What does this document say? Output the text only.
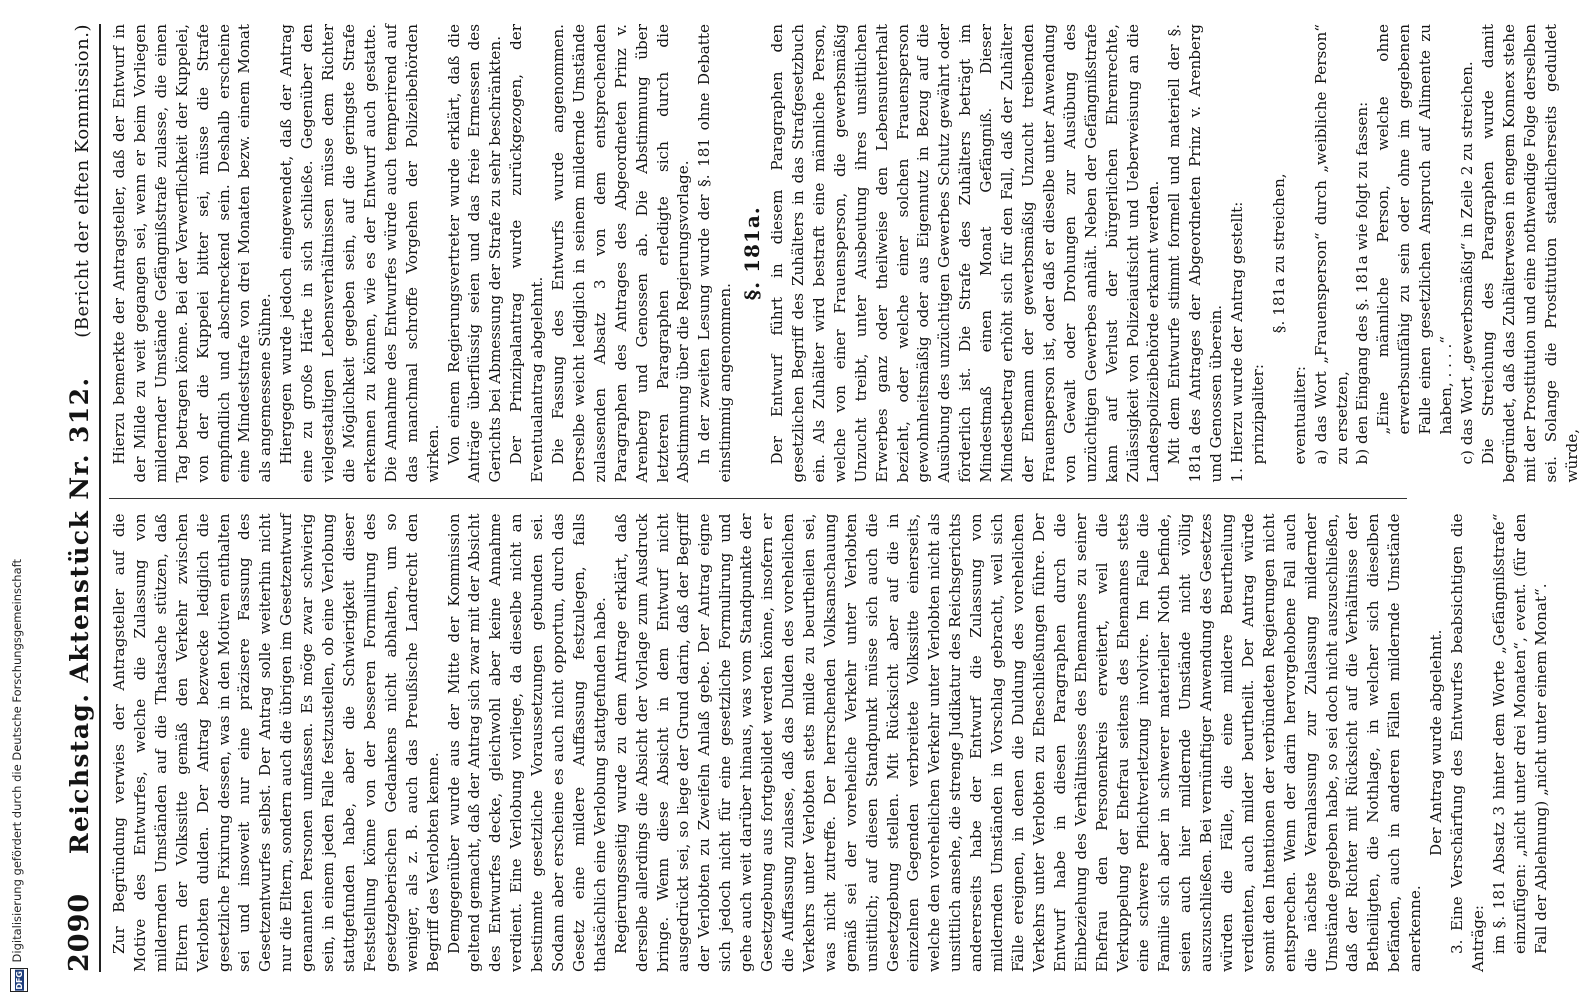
2090
Reichstag. Aktenstück Nr. 312.
(Bericht der elften Kommission.)

Zur Begründung verwies der Antragsteller auf die Motive des Entwurfes, welche die Zulassung von mildernden Umständen auf die Thatsache stützen, daß Eltern der Volkssitte gemäß den Verkehr zwischen Verlobten dulden. Der Antrag bezwecke lediglich die gesetzliche Fixirung dessen, was in den Motiven enthalten sei und insoweit nur eine präzisere Fassung des Gesetzentwurfes selbst. Der Antrag solle weiterhin nicht nur die Eltern, sondern auch die übrigen im Gesetzentwurf genannten Personen umfassen. Es möge zwar schwierig sein, in einem jeden Falle festzustellen, ob eine Verlobung stattgefunden habe, aber die Schwierigkeit dieser Feststellung könne von der besseren Formulirung des gesetzgeberischen Gedankens nicht abhalten, um so weniger, als z. B. auch das Preußische Landrecht den Begriff des Verlobten kenne. Demgegenüber wurde aus der Mitte der Kommission geltend gemacht, daß der Antrag sich zwar mit der Absicht des Entwurfes decke, gleichwohl aber keine Annahme verdient. Eine Verlobung vorliege, da dieselbe nicht an bestimmte gesetzliche Voraussetzungen gebunden sei. Sodann aber erscheine es auch nicht opportun, durch das Gesetz eine mildere Auffassung festzulegen, falls thatsächlich eine Verlobung stattgefunden habe. Regierungsseitig wurde zu dem Antrage erklärt, daß derselbe allerdings die Absicht der Vorlage zum Ausdruck bringe. Wenn diese Absicht in dem Entwurf nicht ausgedrückt sei, so liege der Grund darin, daß der Begriff der Verlobten zu Zweifeln Anlaß gebe. Der Antrag eigne sich jedoch nicht für eine gesetzliche Formulirung und gehe auch weit darüber hinaus, was vom Standpunkte der Gesetzgebung aus fortgebildet werden könne, insofern er die Auffassung zulasse, daß das Dulden des vorehelichen Verkehrs unter Verlobten stets milde zu beurtheilen sei, was nicht zutreffe. Der herrschenden Volksanschauung gemäß sei der voreheliche Verkehr unter Verlobten unsittlich; auf diesen Standpunkt müsse sich auch die Gesetzgebung stellen. Mit Rücksicht aber auf die in einzelnen Gegenden verbreitete Volkssitte einerseits, welche den vorehelichen Verkehr unter Verlobten nicht als unsittlich ansehe, die strenge Judikatur des Reichsgerichts andererseits habe der Entwurf die Zulassung von mildernden Umständen in Vorschlag gebracht, weil sich Fälle ereignen, in denen die Duldung des vorehelichen Verkehrs unter Verlobten zu Eheschließungen führe. Der Entwurf habe in diesen Paragraphen durch die Einbeziehung des Verhältnisses des Ehemannes zu seiner Ehefrau den Personenkreis erweitert, weil die Verkuppelung der Ehefrau seitens des Ehemannes stets eine schwere Pflichtverletzung involvire. Im Falle die Familie sich aber in schwerer materieller Noth befinde, seien auch hier mildernde Umstände nicht völlig auszuschließen. Bei vernünftiger Anwendung des Gesetzes würden die Fälle, die eine mildere Beurtheilung verdienten, auch milder beurtheilt. Der Antrag würde somit den Intentionen der verbündeten Regierungen nicht entsprechen. Wenn der darin hervorgehobene Fall auch die nächste Veranlassung zur Zulassung mildernder Umstände gegeben habe, so sei doch nicht auszuschließen, daß der Richter mit Rücksicht auf die Verhältnisse der Betheiligten, die Nothlage, in welcher sich dieselben befänden, auch in anderen Fällen mildernde Umstände anerkenne.

Der Antrag wurde abgelehnt. 3. Eine Verschärfung des Entwurfes beabsichtigen die Anträge: im §. 181 Absatz 3 hinter dem Worte „Gefängnißstrafe“ einzufügen: „nicht unter drei Monaten“, event. (für den Fall der Ablehnung) „nicht unter einem Monat“.

Hierzu bemerkte der Antragsteller, daß der Entwurf in der Milde zu weit gegangen sei, wenn er beim Vorliegen mildernder Umstände Gefängnißstrafe zulasse, die einen Tag betragen könne. Bei der Verwerflichkeit der Kuppelei, von der die Kuppelei bitter sei, müsse die Strafe empfindlich und abschreckend sein. Deshalb erscheine eine Mindeststrafe von drei Monaten bezw. einem Monat als angemessene Sühne. Hiergegen wurde jedoch eingewendet, daß der Antrag eine zu große Härte in sich schließe. Gegenüber den vielgestaltigen Lebensverhältnissen müsse dem Richter die Möglichkeit gegeben sein, auf die geringste Strafe erkennen zu können, wie es der Entwurf auch gestatte. Die Annahme des Entwurfes würde auch temperirend auf das manchmal schroffe Vorgehen der Polizeibehörden wirken. Von einem Regierungsvertreter wurde erklärt, daß die Anträge überflüssig seien und das freie Ermessen des Gerichts bei Abmessung der Strafe zu sehr beschränkten. Der Prinzipalantrag wurde zurückgezogen, der Eventualantrag abgelehnt. Die Fassung des Entwurfs wurde angenommen. Derselbe weicht lediglich in seinem mildernde Umstände zulassenden Absatz 3 von dem entsprechenden Paragraphen des Antrages des Abgeordneten Prinz v. Arenberg und Genossen ab. Die Abstimmung über letzteren Paragraphen erledigte sich durch die Abstimmung über die Regierungsvorlage. In der zweiten Lesung wurde der §. 181 ohne Debatte einstimmig angenommen.

§. 181a. Der Entwurf führt in diesem Paragraphen den gesetzlichen Begriff des Zuhälters in das Strafgesetzbuch ein. Als Zuhälter wird bestraft eine männliche Person, welche von einer Frauensperson, die gewerbsmäßig Unzucht treibt, unter Ausbeutung ihres unsittlichen Erwerbes ganz oder theilweise den Lebensunterhalt bezieht, oder welche einer solchen Frauensperson gewohnheitsmäßig oder aus Eigennutz in Bezug auf die Ausübung des unzüchtigen Gewerbes Schutz gewährt oder förderlich ist. Die Strafe des Zuhälters beträgt im Mindestmaß einen Monat Gefängniß. Dieser Mindestbetrag erhöht sich für den Fall, daß der Zuhälter der Ehemann der gewerbsmäßig Unzucht treibenden Frauensperson ist, oder daß er dieselbe unter Anwendung von Gewalt oder Drohungen zur Ausübung des unzüchtigen Gewerbes anhält. Neben der Gefängnißstrafe kann auf Verlust der bürgerlichen Ehrenrechte, Zulässigkeit von Polizeiaufsicht und Ueberweisung an die Landespolizeibehörde erkannt werden. Mit dem Entwurfe stimmt formell und materiell der §. 181a des Antrages der Abgeordneten Prinz v. Arenberg und Genossen überein. 1. Hierzu wurde der Antrag gestellt: prinzipaliter:

§. 181a zu streichen,

eventualiter: a) das Wort „Frauensperson“ durch „weibliche Person“ zu ersetzen, b) den Eingang des §. 181a wie folgt zu fassen: „Eine männliche Person, welche ohne erwerbsunfähig zu sein oder ohne im gegebenen Falle einen gesetzlichen Anspruch auf Alimente zu haben, . . . .“ c) das Wort „gewerbsmäßig“ in Zeile 2 zu streichen. Die Streichung des Paragraphen wurde damit begründet, daß das Zuhälterwesen in engem Konnex stehe mit der Prostitution und eine nothwendige Folge derselben sei. Solange die Prostitution staatlicherseits geduldet würde,

Digitalisierung gefördert durch die Deutsche Forschungsgemeinschaft
DFG
